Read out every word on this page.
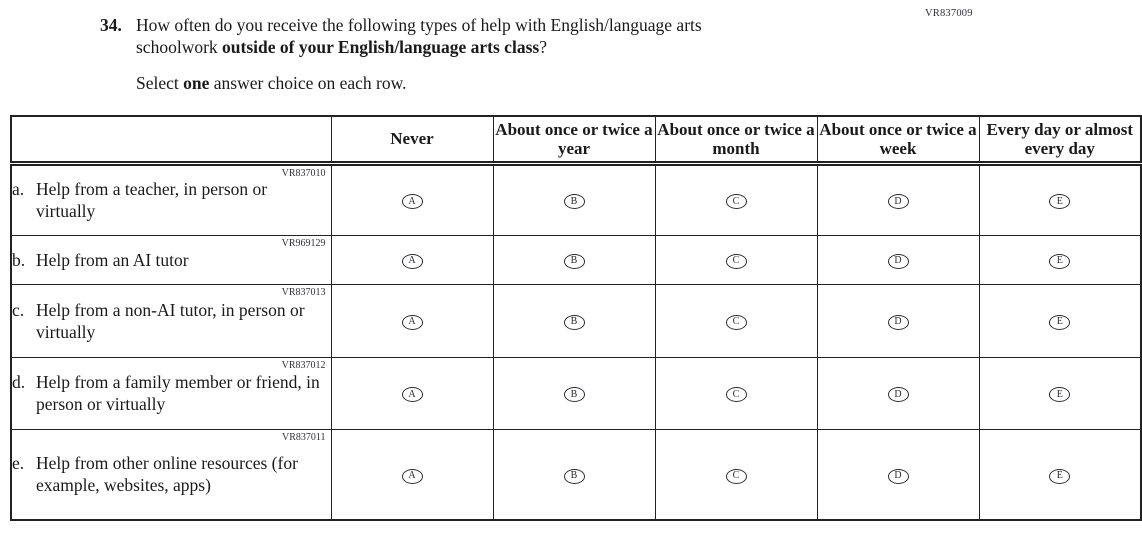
VR837009
34. How often do you receive the following types of help with English/language arts
schoolwork outside of your English/language arts class?
Select one answer choice on each row.
	Never	About once or twice a year	About once or twice a month	About once or twice a week	Every day or almost every day

VR837010
a. Help from a teacher, in person or virtually	A	B	C	D	E

VR969129
b. Help from an AI tutor	A	B	C	D	E

VR837013
c. Help from a non-AI tutor, in person or virtually	A	B	C	D	E

VR837012
d. Help from a family member or friend, in person or virtually	A	B	C	D	E

VR837011
e. Help from other online resources (for example, websites, apps)	A	B	C	D	E
